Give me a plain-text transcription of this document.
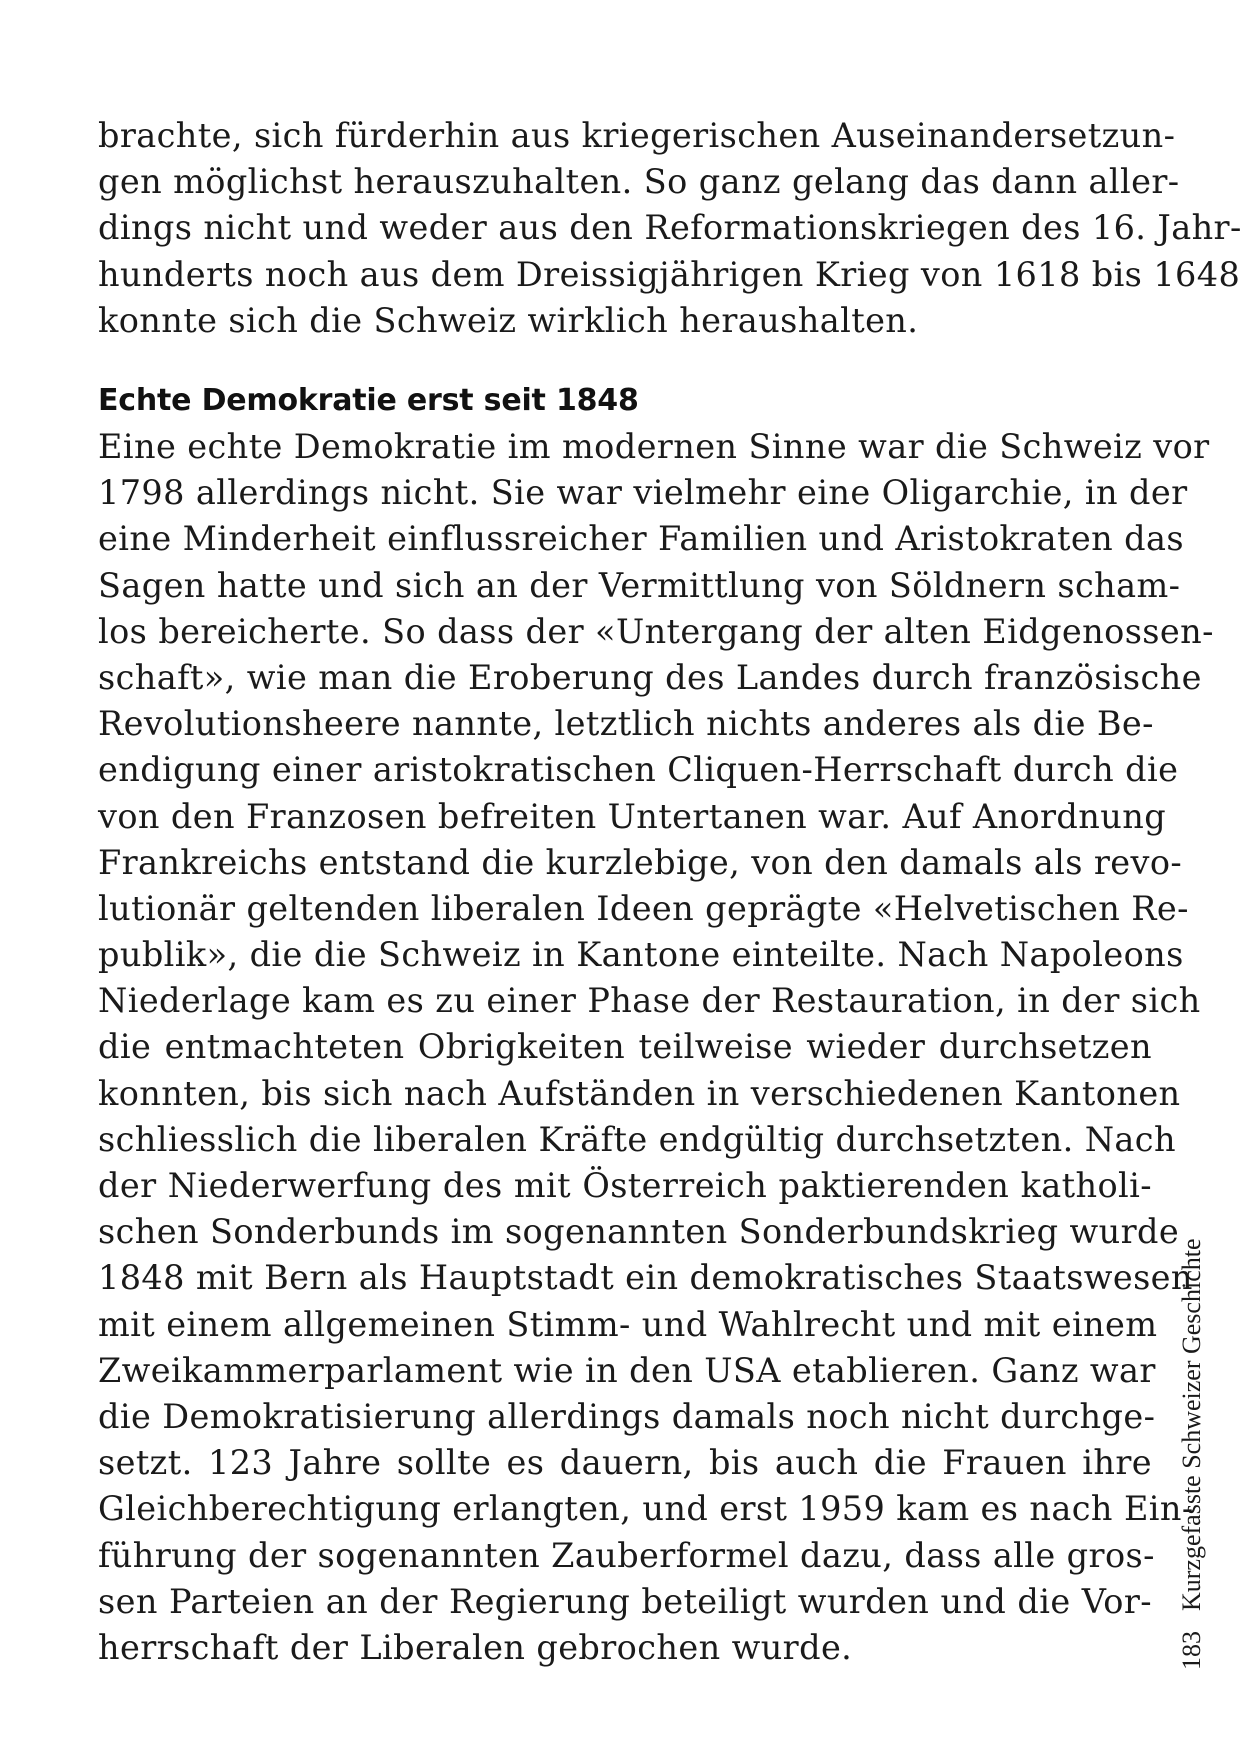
brachte, sich fürderhin aus kriegerischen Auseinandersetzun-
gen möglichst herauszuhalten. So ganz gelang das dann aller-
dings nicht und weder aus den Reformationskriegen des 16. Jahr-
hunderts noch aus dem Dreissigjährigen Krieg von 1618 bis 1648
konnte sich die Schweiz wirklich heraushalten.
Echte Demokratie erst seit 1848
Eine echte Demokratie im modernen Sinne war die Schweiz vor
1798 allerdings nicht. Sie war vielmehr eine Oligarchie, in der
eine Minderheit einflussreicher Familien und Aristokraten das
Sagen hatte und sich an der Vermittlung von Söldnern scham-
los bereicherte. So dass der «Untergang der alten Eidgenossen-
schaft», wie man die Eroberung des Landes durch französische
Revolutionsheere nannte, letztlich nichts anderes als die Be-
endigung einer aristokratischen Cliquen-Herrschaft durch die
von den Franzosen befreiten Untertanen war. Auf Anordnung
Frankreichs entstand die kurzlebige, von den damals als revo-
lutionär geltenden liberalen Ideen geprägte «Helvetischen Re-
publik», die die Schweiz in Kantone einteilte. Nach Napoleons
Niederlage kam es zu einer Phase der Restauration, in der sich
die entmachteten Obrigkeiten teilweise wieder durchsetzen
konnten, bis sich nach Aufständen in verschiedenen Kantonen
schliesslich die liberalen Kräfte endgültig durchsetzten. Nach
der Niederwerfung des mit Österreich paktierenden katholi-
schen Sonderbunds im sogenannten Sonderbundskrieg wurde
1848 mit Bern als Hauptstadt ein demokratisches Staatswesen
mit einem allgemeinen Stimm- und Wahlrecht und mit einem
Zweikammerparlament wie in den USA etablieren. Ganz war
die Demokratisierung allerdings damals noch nicht durchge-
setzt. 123 Jahre sollte es dauern, bis auch die Frauen ihre
Gleichberechtigung erlangten, und erst 1959 kam es nach Ein-
führung der sogenannten Zauberformel dazu, dass alle gros-
sen Parteien an der Regierung beteiligt wurden und die Vor-
herrschaft der Liberalen gebrochen wurde.	183Kurzgefasste Schweizer Geschichte
